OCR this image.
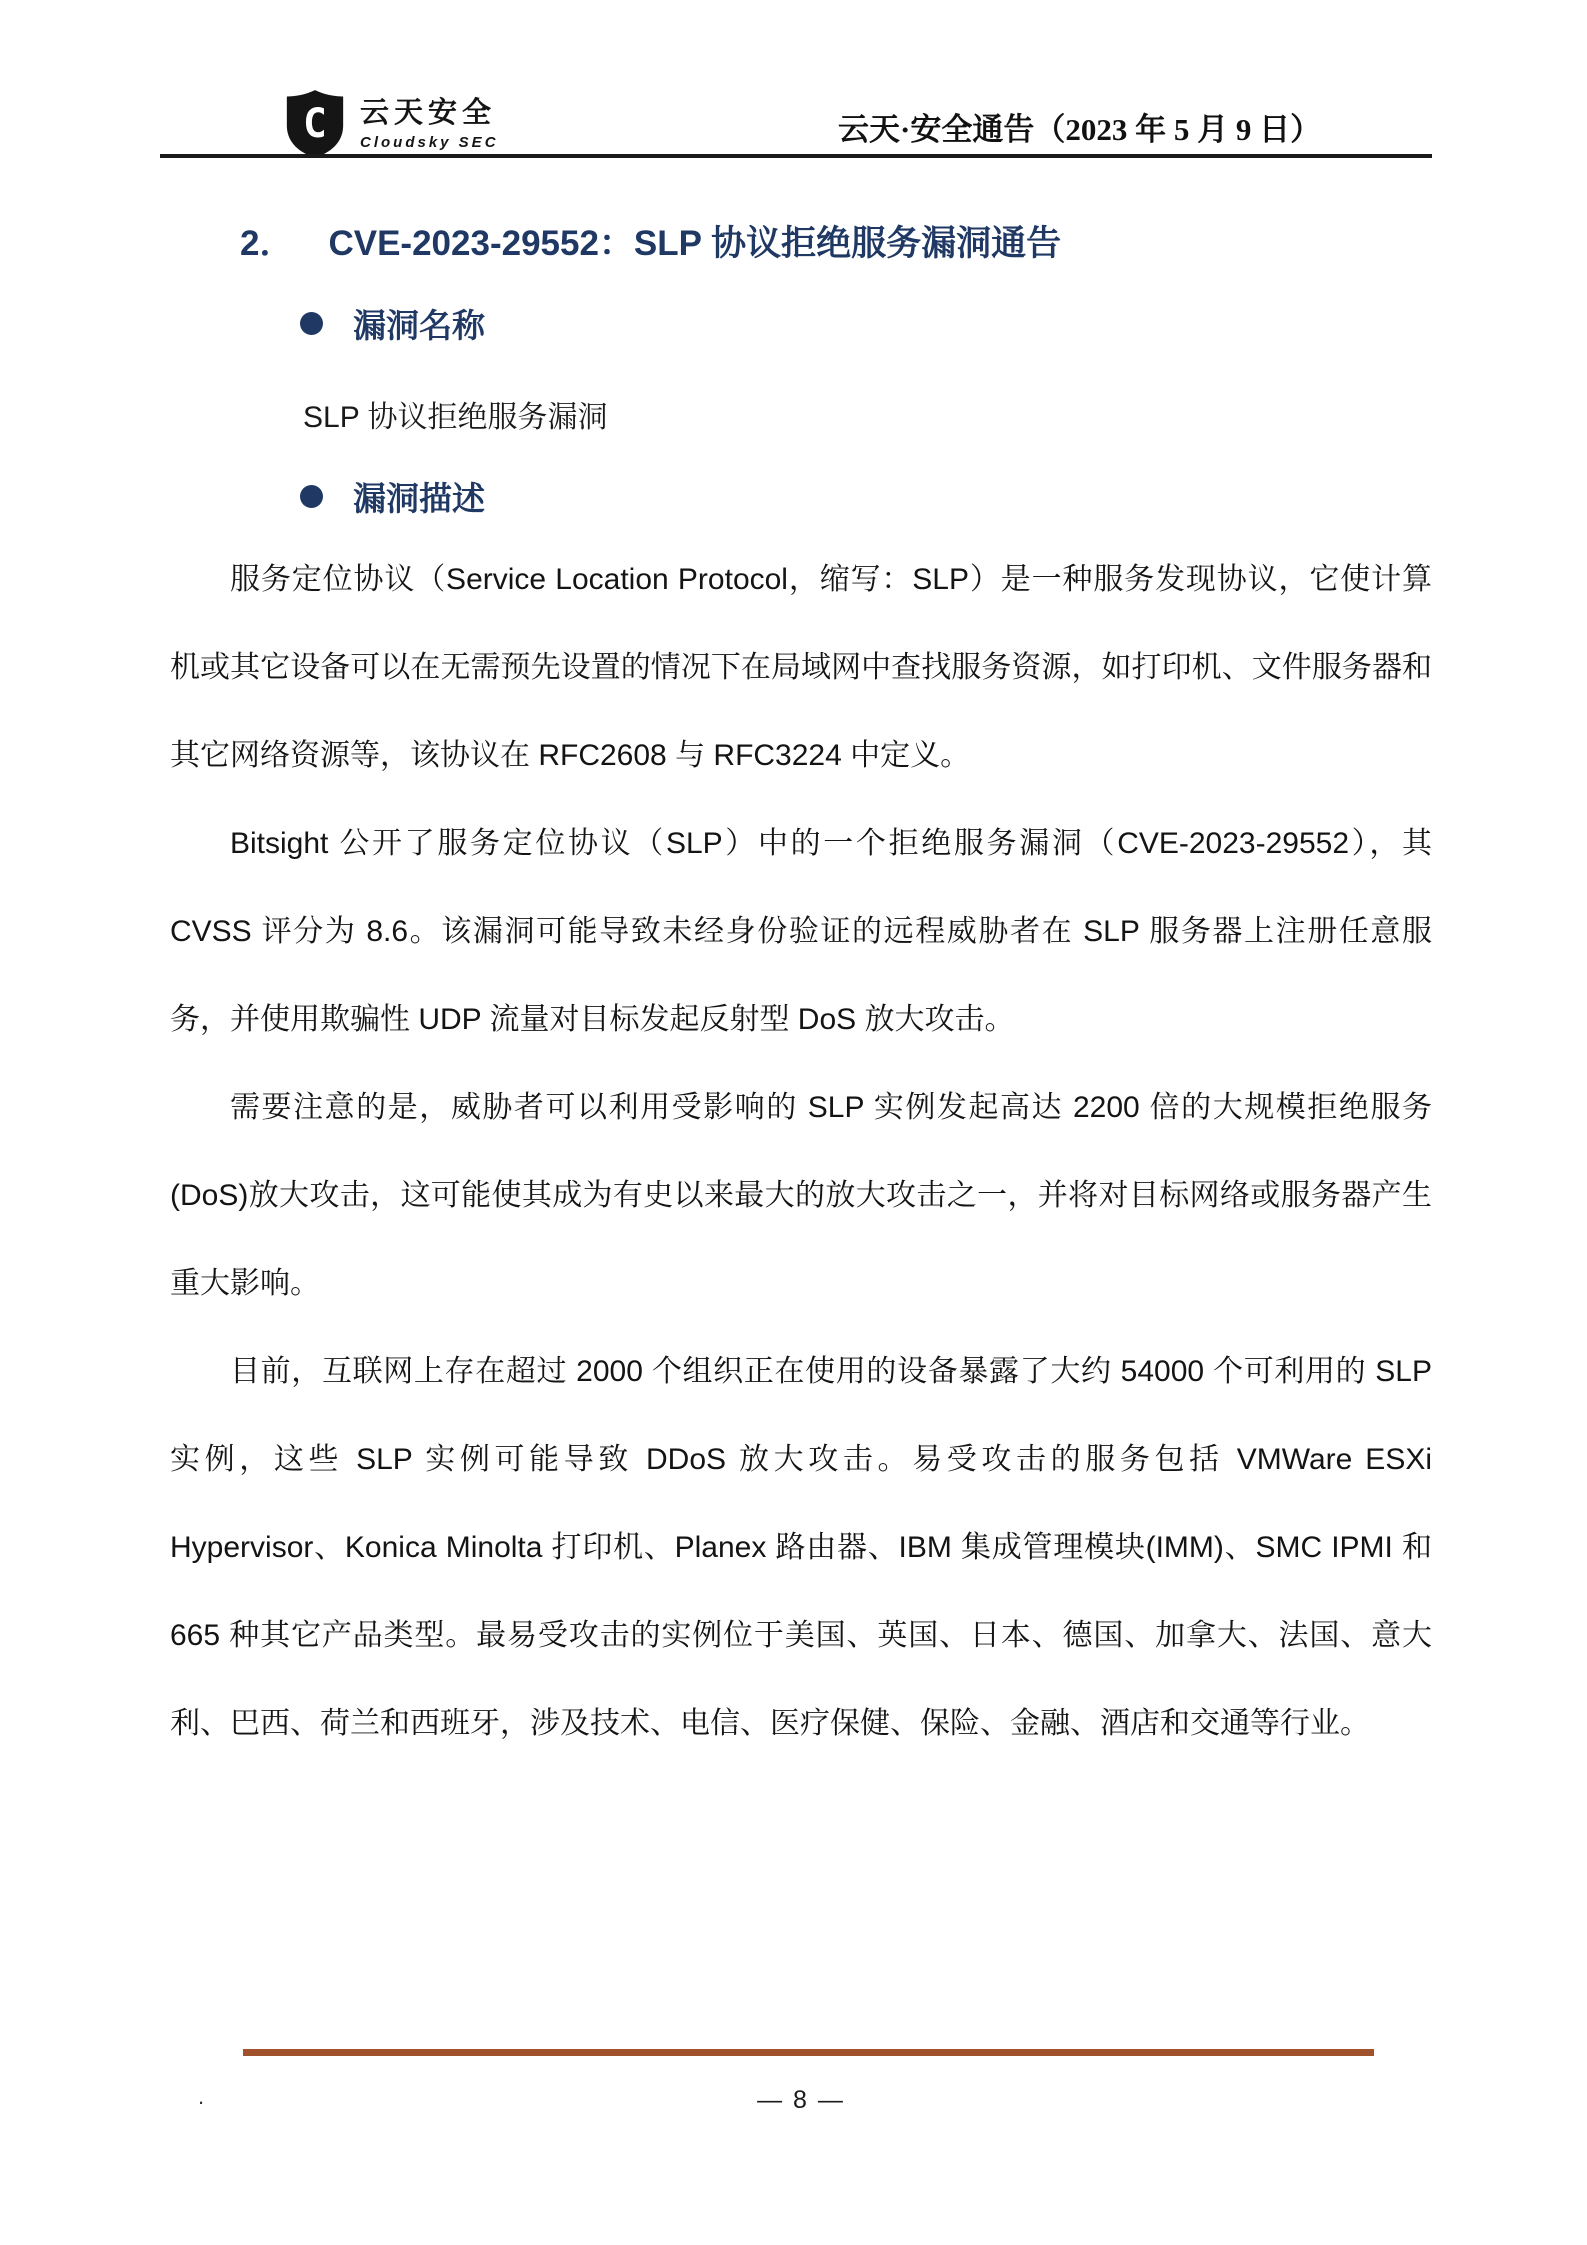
C 云天安全
Cloudsky SEC	云天·安全通告（2023 年 5 月 9 日）
2． CVE-2023-29552：SLP 协议拒绝服务漏洞通告
漏洞名称

SLP 协议拒绝服务漏洞

漏洞描述

服务定位协议（Service Location Protocol，缩写：SLP）是一种服务发现协议，它使计算机或其它设备可以在无需预先设置的情况下在局域网中查找服务资源，如打印机、文件服务器和其它网络资源等，该协议在 RFC2608 与 RFC3224 中定义。

Bitsight 公开了服务定位协议（SLP）中的一个拒绝服务漏洞（CVE-2023-29552），其 CVSS 评分为 8.6。该漏洞可能导致未经身份验证的远程威胁者在 SLP 服务器上注册任意服务，并使用欺骗性 UDP 流量对目标发起反射型 DoS 放大攻击。

需要注意的是，威胁者可以利用受影响的 SLP 实例发起高达 2200 倍的大规模拒绝服务(DoS)放大攻击，这可能使其成为有史以来最大的放大攻击之一，并将对目标网络或服务器产生重大影响。

目前，互联网上存在超过 2000 个组织正在使用的设备暴露了大约 54000 个可利用的 SLP 实例，这些 SLP 实例可能导致 DDoS 放大攻击。易受攻击的服务包括 VMWare ESXi Hypervisor、Konica Minolta 打印机、Planex 路由器、IBM 集成管理模块(IMM)、SMC IPMI 和 665 种其它产品类型。最易受攻击的实例位于美国、英国、日本、德国、加拿大、法国、意大利、巴西、荷兰和西班牙，涉及技术、电信、医疗保健、保险、金融、酒店和交通等行业。

.	— 8 —
